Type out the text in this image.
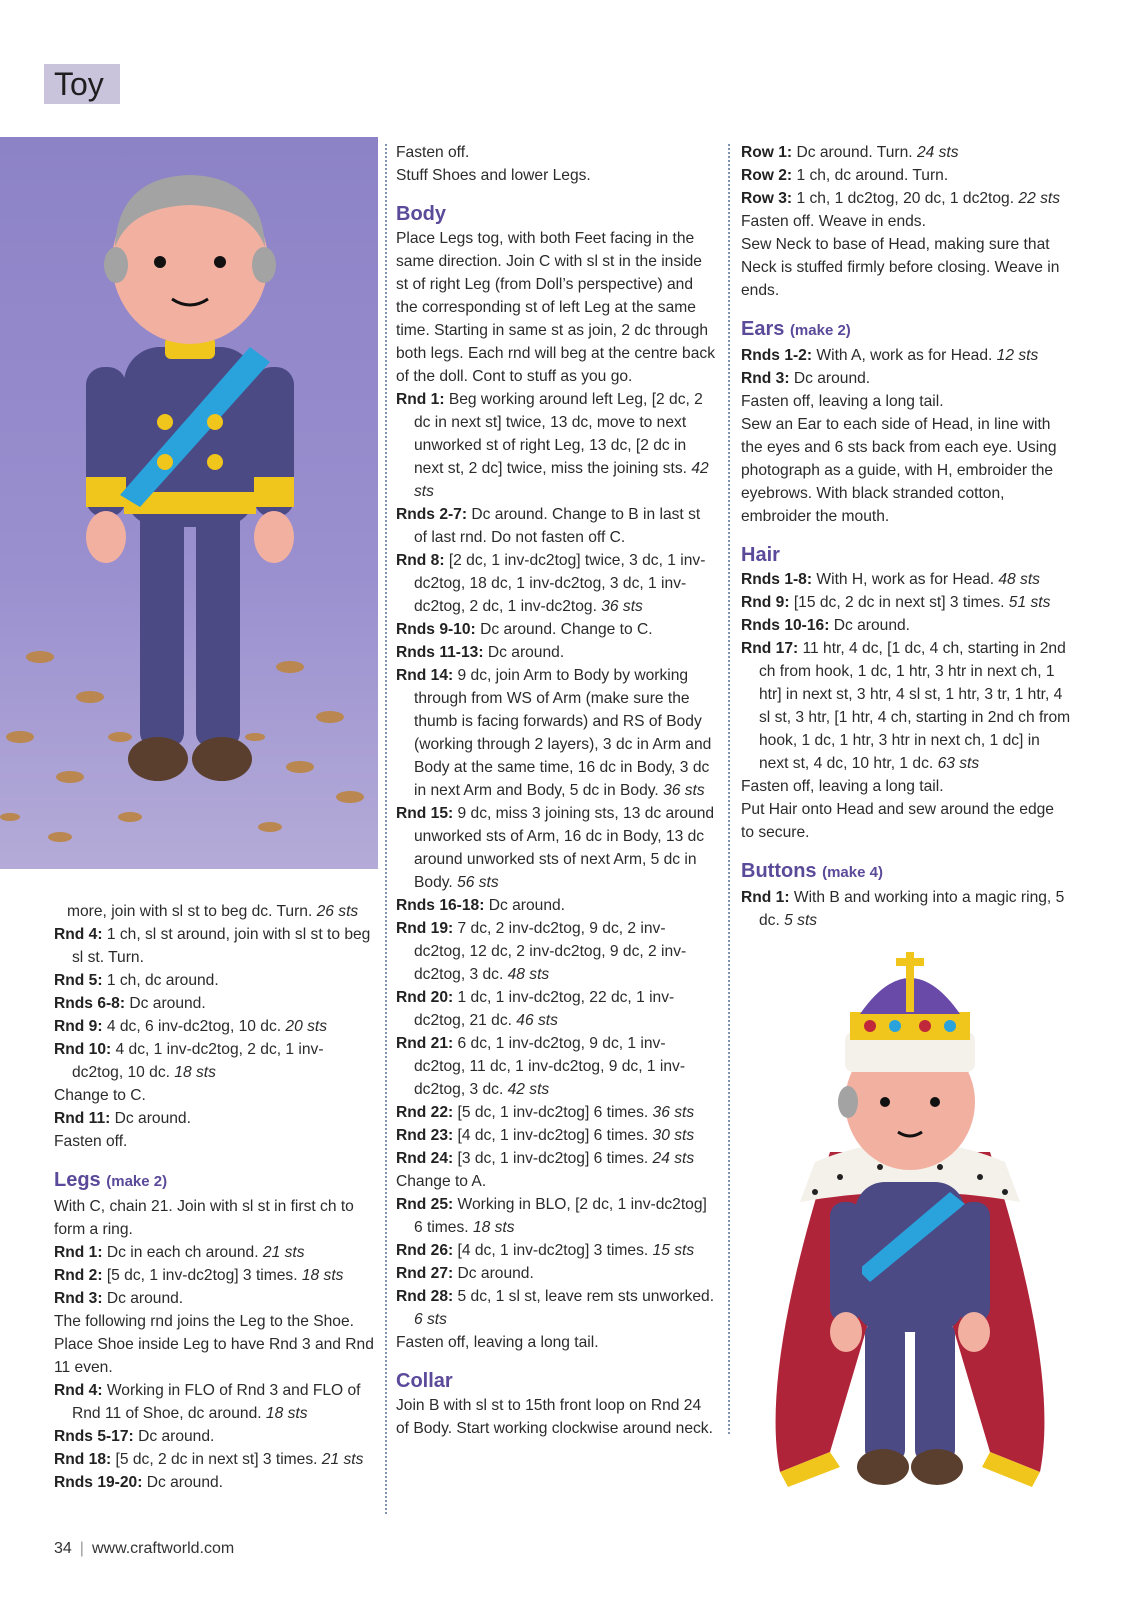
Toy

more, join with sl st to beg dc. Turn. 26 sts

Rnd 4: 1 ch, sl st around, join with sl st to beg sl st. Turn.

Rnd 5: 1 ch, dc around.

Rnds 6-8: Dc around.

Rnd 9: 4 dc, 6 inv-dc2tog, 10 dc. 20 sts

Rnd 10: 4 dc, 1 inv-dc2tog, 2 dc, 1 inv-dc2tog, 10 dc. 18 sts

Change to C.

Rnd 11: Dc around.

Fasten off.

Legs (make 2)

With C, chain 21. Join with sl st in first ch to form a ring.

Rnd 1: Dc in each ch around. 21 sts

Rnd 2: [5 dc, 1 inv-dc2tog] 3 times. 18 sts

Rnd 3: Dc around.

The following rnd joins the Leg to the Shoe. Place Shoe inside Leg to have Rnd 3 and Rnd 11 even.

Rnd 4: Working in FLO of Rnd 3 and FLO of Rnd 11 of Shoe, dc around. 18 sts

Rnds 5-17: Dc around.

Rnd 18: [5 dc, 2 dc in next st] 3 times. 21 sts

Rnds 19-20: Dc around.

Fasten off.

Stuff Shoes and lower Legs.

Body

Place Legs tog, with both Feet facing in the same direction. Join C with sl st in the inside st of right Leg (from Doll’s perspective) and the corresponding st of left Leg at the same time. Starting in same st as join, 2 dc through both legs. Each rnd will beg at the centre back of the doll. Cont to stuff as you go.

Rnd 1: Beg working around left Leg, [2 dc, 2 dc in next st] twice, 13 dc, move to next unworked st of right Leg, 13 dc, [2 dc in next st, 2 dc] twice, miss the joining sts. 42 sts

Rnds 2-7: Dc around. Change to B in last st of last rnd. Do not fasten off C.

Rnd 8: [2 dc, 1 inv-dc2tog] twice, 3 dc, 1 inv-dc2tog, 18 dc, 1 inv-dc2tog, 3 dc, 1 inv-dc2tog, 2 dc, 1 inv-dc2tog. 36 sts

Rnds 9-10: Dc around. Change to C.

Rnds 11-13: Dc around.

Rnd 14: 9 dc, join Arm to Body by working through from WS of Arm (make sure the thumb is facing forwards) and RS of Body (working through 2 layers), 3 dc in Arm and Body at the same time, 16 dc in Body, 3 dc in next Arm and Body, 5 dc in Body. 36 sts

Rnd 15: 9 dc, miss 3 joining sts, 13 dc around unworked sts of Arm, 16 dc in Body, 13 dc around unworked sts of next Arm, 5 dc in Body. 56 sts

Rnds 16-18: Dc around.

Rnd 19: 7 dc, 2 inv-dc2tog, 9 dc, 2 inv-dc2tog, 12 dc, 2 inv-dc2tog, 9 dc, 2 inv-dc2tog, 3 dc. 48 sts

Rnd 20: 1 dc, 1 inv-dc2tog, 22 dc, 1 inv-dc2tog, 21 dc. 46 sts

Rnd 21: 6 dc, 1 inv-dc2tog, 9 dc, 1 inv-dc2tog, 11 dc, 1 inv-dc2tog, 9 dc, 1 inv-dc2tog, 3 dc. 42 sts

Rnd 22: [5 dc, 1 inv-dc2tog] 6 times. 36 sts

Rnd 23: [4 dc, 1 inv-dc2tog] 6 times. 30 sts

Rnd 24: [3 dc, 1 inv-dc2tog] 6 times. 24 sts

Change to A.

Rnd 25: Working in BLO, [2 dc, 1 inv-dc2tog] 6 times. 18 sts

Rnd 26: [4 dc, 1 inv-dc2tog] 3 times. 15 sts

Rnd 27: Dc around.

Rnd 28: 5 dc, 1 sl st, leave rem sts unworked. 6 sts

Fasten off, leaving a long tail.

Collar

Join B with sl st to 15th front loop on Rnd 24 of Body. Start working clockwise around neck.

Row 1: Dc around. Turn. 24 sts

Row 2: 1 ch, dc around. Turn.

Row 3: 1 ch, 1 dc2tog, 20 dc, 1 dc2tog. 22 sts

Fasten off. Weave in ends.

Sew Neck to base of Head, making sure that Neck is stuffed firmly before closing. Weave in ends.

Ears (make 2)

Rnds 1-2: With A, work as for Head. 12 sts

Rnd 3: Dc around.

Fasten off, leaving a long tail.

Sew an Ear to each side of Head, in line with the eyes and 6 sts back from each eye. Using photograph as a guide, with H, embroider the eyebrows. With black stranded cotton, embroider the mouth.

Hair

Rnds 1-8: With H, work as for Head. 48 sts

Rnd 9: [15 dc, 2 dc in next st] 3 times. 51 sts

Rnds 10-16: Dc around.

Rnd 17: 11 htr, 4 dc, [1 dc, 4 ch, starting in 2nd ch from hook, 1 dc, 1 htr, 3 htr in next ch, 1 htr] in next st, 3 htr, 4 sl st, 1 htr, 3 tr, 1 htr, 4 sl st, 3 htr, [1 htr, 4 ch, starting in 2nd ch from hook, 1 dc, 1 htr, 3 htr in next ch, 1 dc] in next st, 4 dc, 10 htr, 1 dc. 63 sts

Fasten off, leaving a long tail.

Put Hair onto Head and sew around the edge to secure.

Buttons (make 4)

Rnd 1: With B and working into a magic ring, 5 dc. 5 sts

34 | www.craftworld.com
